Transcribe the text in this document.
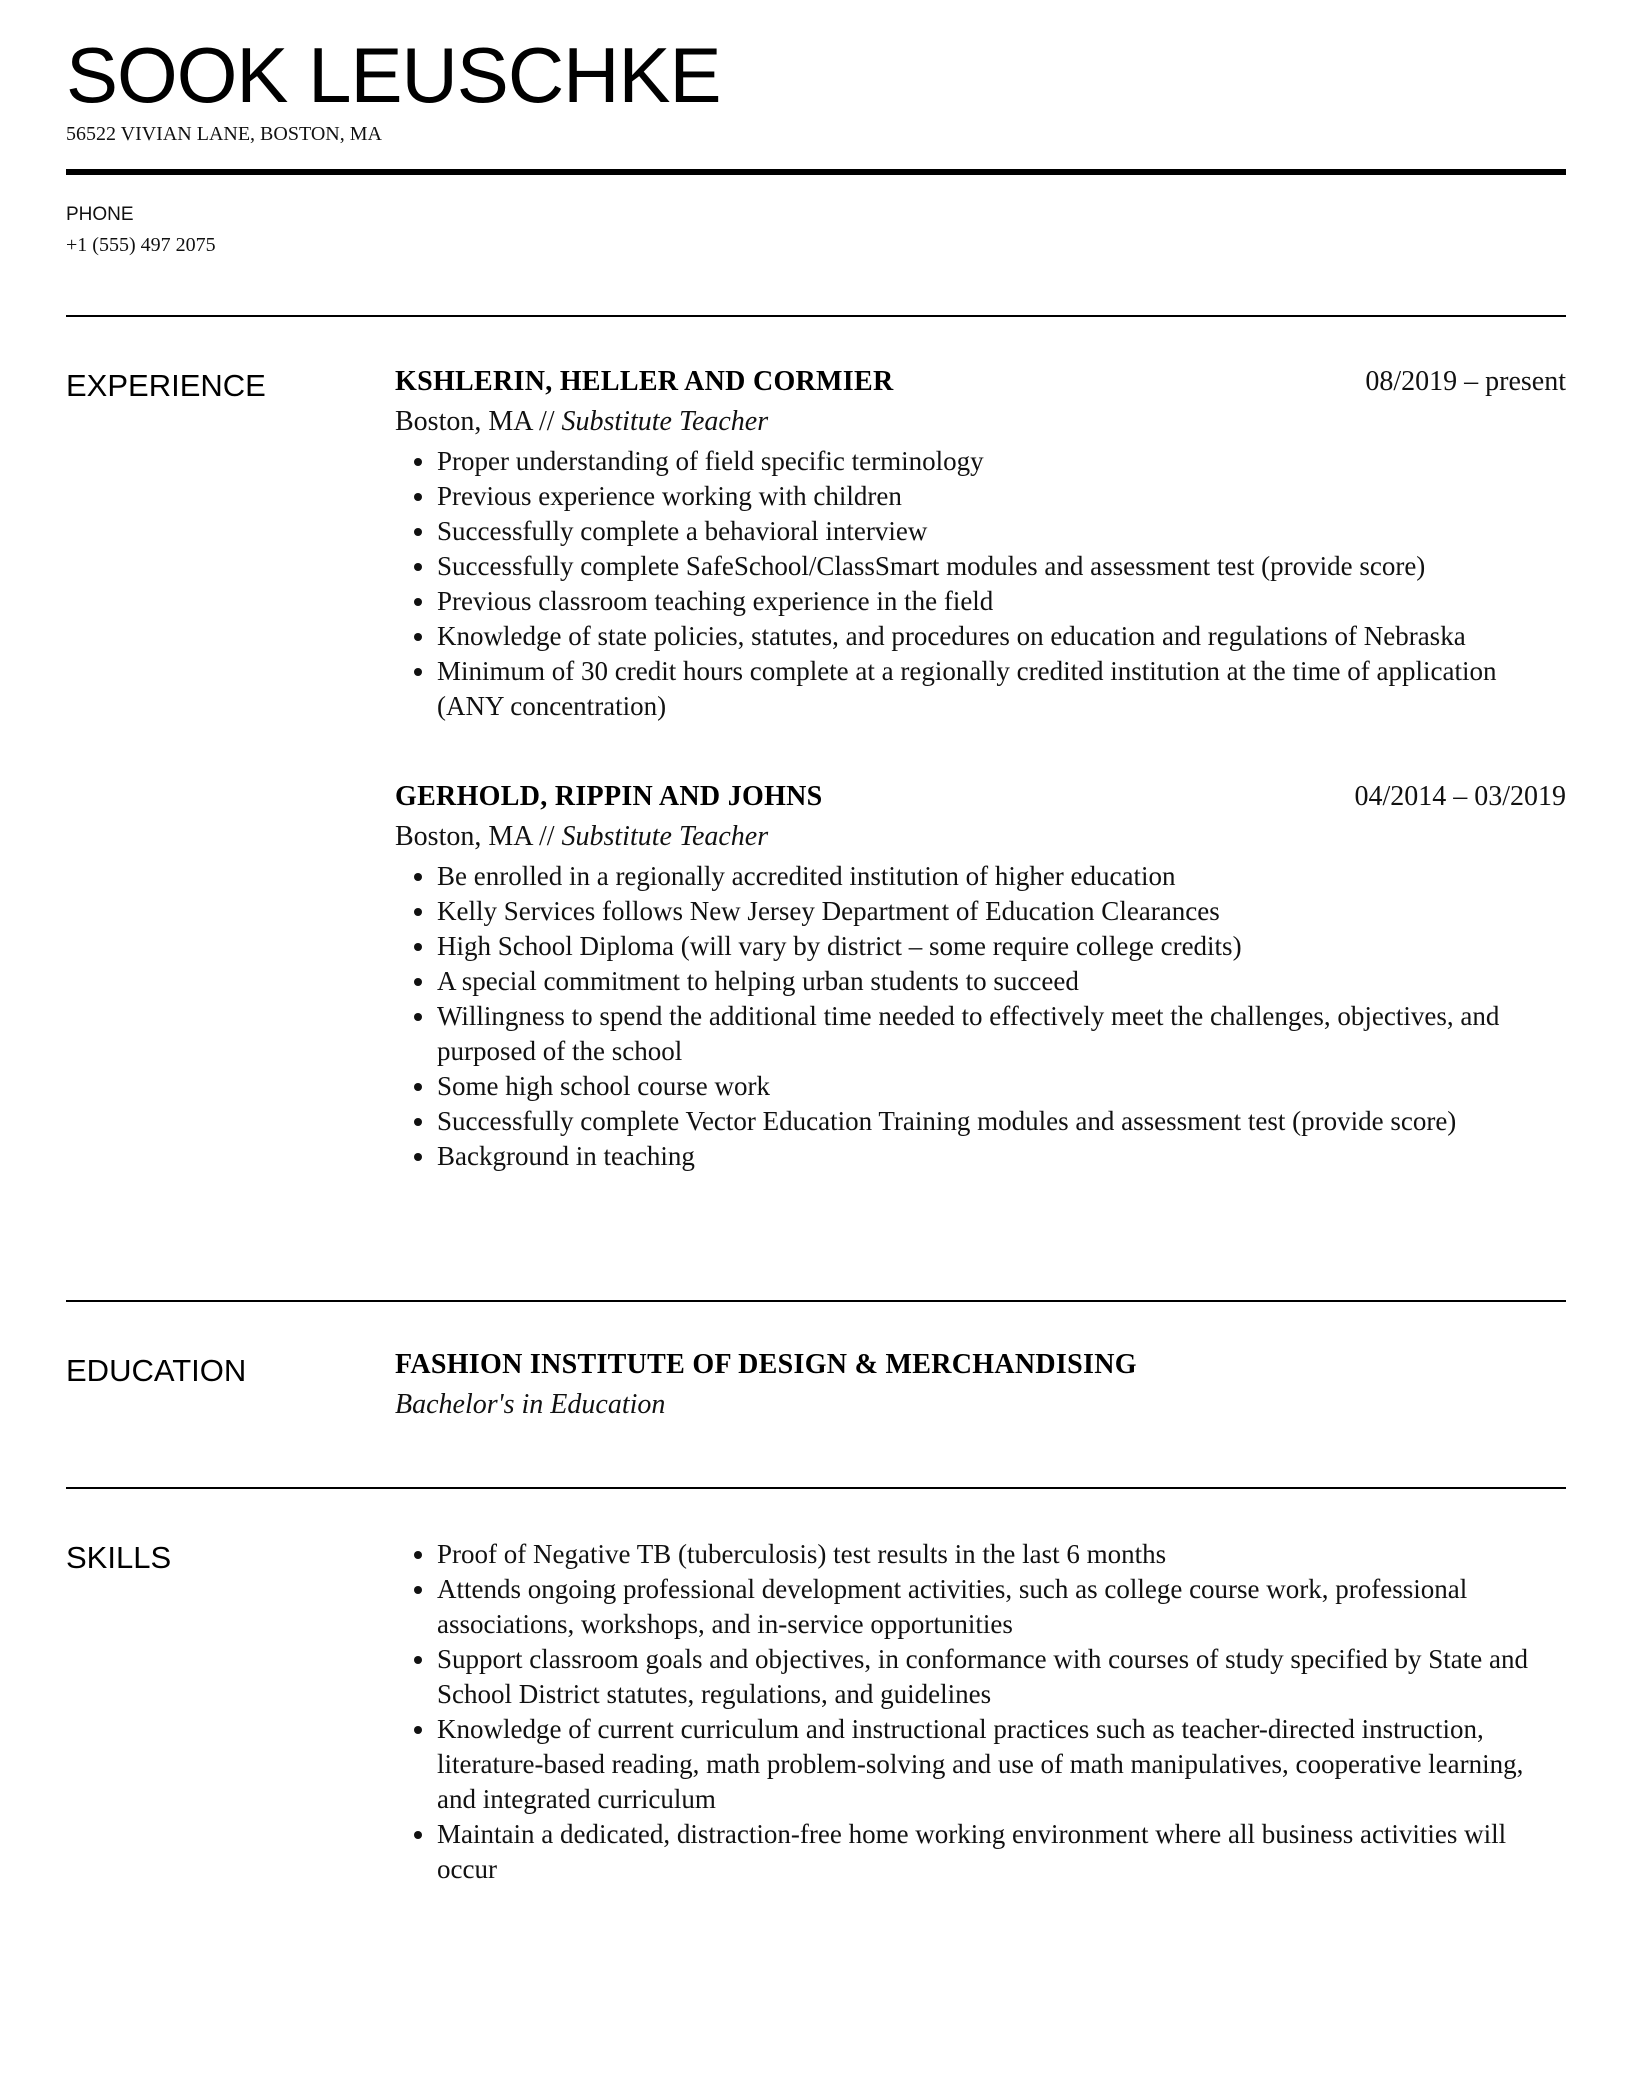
SOOK LEUSCHKE
56522 VIVIAN LANE, BOSTON, MA
PHONE
+1 (555) 497 2075
EXPERIENCE	KSHLERIN, HELLER AND CORMIER	08/2019 – present
Boston, MA // Substitute Teacher
• Proper understanding of field specific terminology
• Previous experience working with children
• Successfully complete a behavioral interview
• Successfully complete SafeSchool/ClassSmart modules and assessment test (provide score)
• Previous classroom teaching experience in the field
• Knowledge of state policies, statutes, and procedures on education and regulations of Nebraska
• Minimum of 30 credit hours complete at a regionally credited institution at the time of application (ANY concentration)
GERHOLD, RIPPIN AND JOHNS	04/2014 – 03/2019
Boston, MA // Substitute Teacher
• Be enrolled in a regionally accredited institution of higher education
• Kelly Services follows New Jersey Department of Education Clearances
• High School Diploma (will vary by district – some require college credits)
• A special commitment to helping urban students to succeed
• Willingness to spend the additional time needed to effectively meet the challenges, objectives, and purposed of the school
• Some high school course work
• Successfully complete Vector Education Training modules and assessment test (provide score)
• Background in teaching
EDUCATION	FASHION INSTITUTE OF DESIGN & MERCHANDISING
Bachelor's in Education
SKILLS
•	Proof of Negative TB (tuberculosis) test results in the last 6 months
• Attends ongoing professional development activities, such as college course work, professional associations, workshops, and in-service opportunities
• Support classroom goals and objectives, in conformance with courses of study specified by State and School District statutes, regulations, and guidelines
• Knowledge of current curriculum and instructional practices such as teacher-directed instruction, literature-based reading, math problem-solving and use of math manipulatives, cooperative learning, and integrated curriculum
• Maintain a dedicated, distraction-free home working environment where all business activities will occur
